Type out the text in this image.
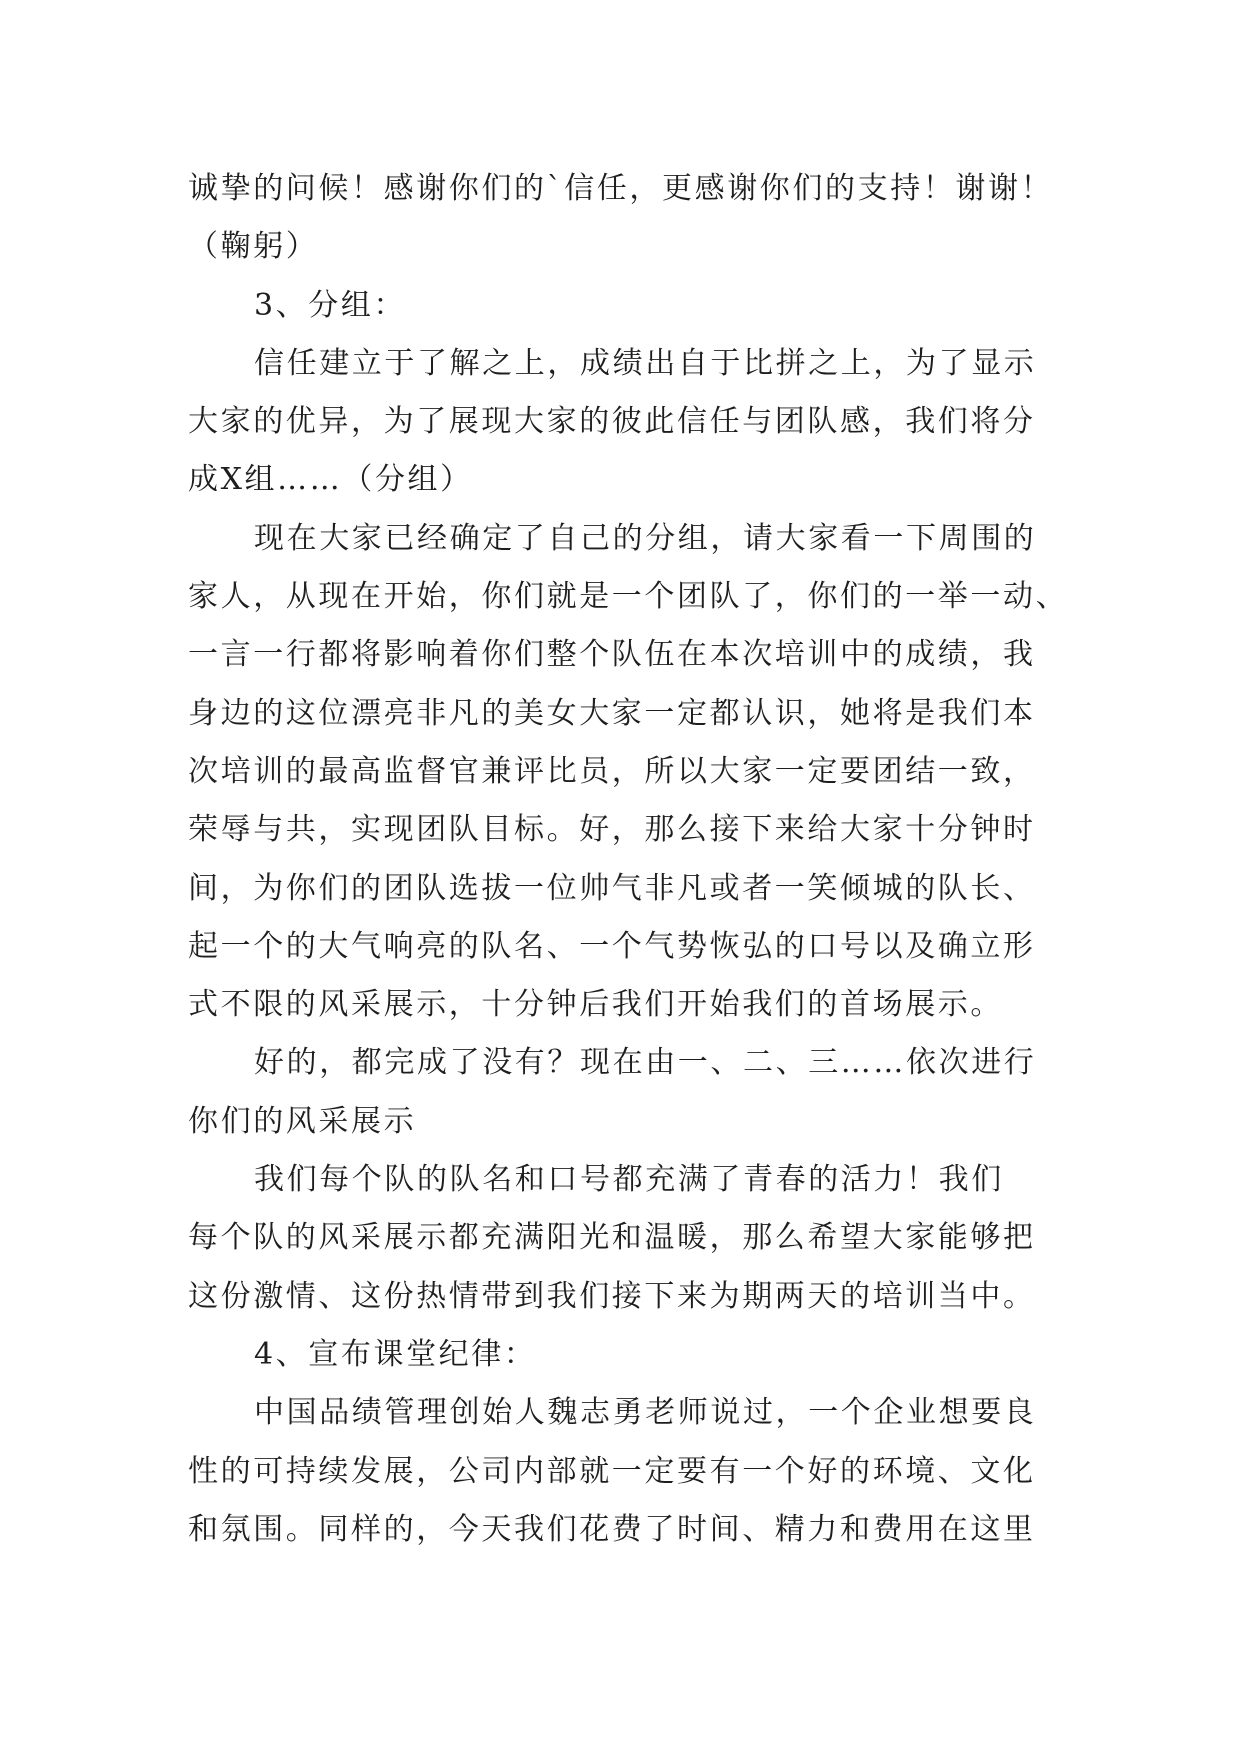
诚挚的问候！感谢你们的`信任，更感谢你们的支持！谢谢！
（鞠躬）
3、分组：
信任建立于了解之上，成绩出自于比拼之上，为了显示
大家的优异，为了展现大家的彼此信任与团队感，我们将分
成X组……（分组）
现在大家已经确定了自己的分组，请大家看一下周围的
家人，从现在开始，你们就是一个团队了，你们的一举一动、
一言一行都将影响着你们整个队伍在本次培训中的成绩，我
身边的这位漂亮非凡的美女大家一定都认识，她将是我们本
次培训的最高监督官兼评比员，所以大家一定要团结一致，
荣辱与共，实现团队目标。好，那么接下来给大家十分钟时
间，为你们的团队选拔一位帅气非凡或者一笑倾城的队长、
起一个的大气响亮的队名、一个气势恢弘的口号以及确立形
式不限的风采展示，十分钟后我们开始我们的首场展示。
好的，都完成了没有？现在由一、二、三……依次进行
你们的风采展示
我们每个队的队名和口号都充满了青春的活力！我们
每个队的风采展示都充满阳光和温暖，那么希望大家能够把
这份激情、这份热情带到我们接下来为期两天的培训当中。
4、宣布课堂纪律：
中国品绩管理创始人魏志勇老师说过，一个企业想要良
性的可持续发展，公司内部就一定要有一个好的环境、文化
和氛围。同样的，今天我们花费了时间、精力和费用在这里
